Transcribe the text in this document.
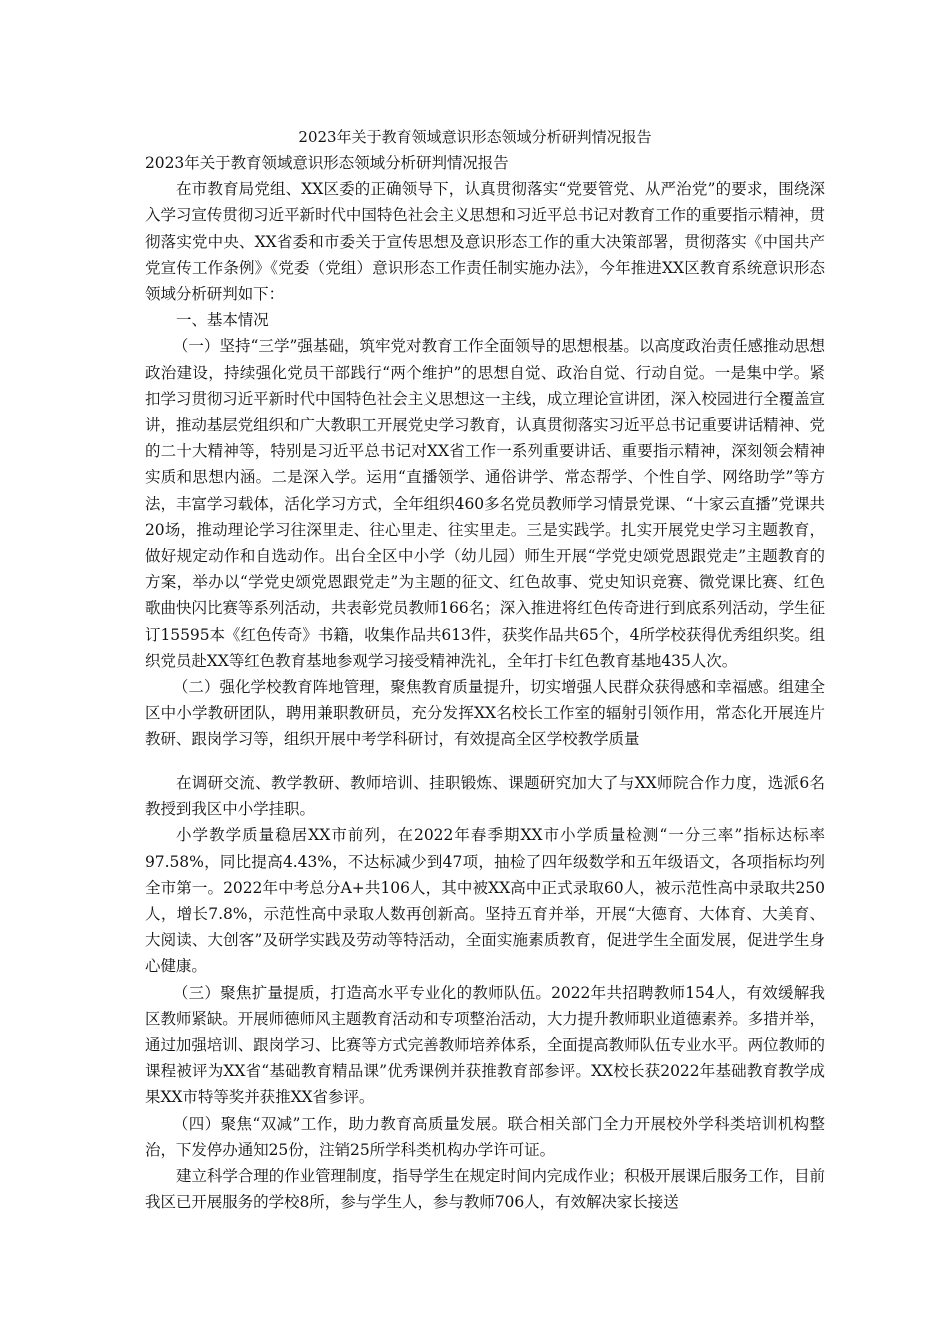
2023年关于教育领域意识形态领域分析研判情况报告

2023年关于教育领域意识形态领域分析研判情况报告

在市教育局党组、XX区委的正确领导下，认真贯彻落实“党要管党、从严治党”的要求，围绕深入学习宣传贯彻习近平新时代中国特色社会主义思想和习近平总书记对教育工作的重要指示精神，贯彻落实党中央、XX省委和市委关于宣传思想及意识形态工作的重大决策部署，贯彻落实《中国共产党宣传工作条例》《党委（党组）意识形态工作责任制实施办法》，今年推进XX区教育系统意识形态领域分析研判如下：

一、基本情况

（一）坚持“三学”强基础，筑牢党对教育工作全面领导的思想根基。以高度政治责任感推动思想政治建设，持续强化党员干部践行“两个维护”的思想自觉、政治自觉、行动自觉。一是集中学。紧扣学习贯彻习近平新时代中国特色社会主义思想这一主线，成立理论宣讲团，深入校园进行全覆盖宣讲，推动基层党组织和广大教职工开展党史学习教育，认真贯彻落实习近平总书记重要讲话精神、党的二十大精神等，特别是习近平总书记对XX省工作一系列重要讲话、重要指示精神，深刻领会精神实质和思想内涵。二是深入学。运用“直播领学、通俗讲学、常态帮学、个性自学、网络助学”等方法，丰富学习载体，活化学习方式，全年组织460多名党员教师学习情景党课、“十家云直播”党课共20场，推动理论学习往深里走、往心里走、往实里走。三是实践学。扎实开展党史学习主题教育，做好规定动作和自选动作。出台全区中小学（幼儿园）师生开展“学党史颂党恩跟党走”主题教育的方案，举办以“学党史颂党恩跟党走”为主题的征文、红色故事、党史知识竞赛、微党课比赛、红色歌曲快闪比赛等系列活动，共表彰党员教师166名；深入推进将红色传奇进行到底系列活动，学生征订15595本《红色传奇》书籍，收集作品共613件，获奖作品共65个，4所学校获得优秀组织奖。组织党员赴XX等红色教育基地参观学习接受精神洗礼，全年打卡红色教育基地435人次。

（二）强化学校教育阵地管理，聚焦教育质量提升，切实增强人民群众获得感和幸福感。组建全区中小学教研团队，聘用兼职教研员，充分发挥XX名校长工作室的辐射引领作用，常态化开展连片教研、跟岗学习等，组织开展中考学科研讨，有效提高全区学校教学质量

在调研交流、教学教研、教师培训、挂职锻炼、课题研究加大了与XX师院合作力度，选派6名教授到我区中小学挂职。

小学教学质量稳居XX市前列，在2022年春季期XX市小学质量检测“一分三率”指标达标率97.58%，同比提高4.43%，不达标减少到47项，抽检了四年级数学和五年级语文，各项指标均列全市第一。2022年中考总分A+共106人，其中被XX高中正式录取60人，被示范性高中录取共250人，增长7.8%，示范性高中录取人数再创新高。坚持五育并举，开展“大德育、大体育、大美育、大阅读、大创客”及研学实践及劳动等特活动，全面实施素质教育，促进学生全面发展，促进学生身心健康。

（三）聚焦扩量提质，打造高水平专业化的教师队伍。2022年共招聘教师154人，有效缓解我区教师紧缺。开展师德师风主题教育活动和专项整治活动，大力提升教师职业道德素养。多措并举，通过加强培训、跟岗学习、比赛等方式完善教师培养体系，全面提高教师队伍专业水平。两位教师的课程被评为XX省“基础教育精品课”优秀课例并获推教育部参评。XX校长获2022年基础教育教学成果XX市特等奖并获推XX省参评。

（四）聚焦“双减”工作，助力教育高质量发展。联合相关部门全力开展校外学科类培训机构整治，下发停办通知25份，注销25所学科类机构办学许可证。

建立科学合理的作业管理制度，指导学生在规定时间内完成作业；积极开展课后服务工作，目前我区已开展服务的学校8所，参与学生人，参与教师706人，有效解决家长接送
